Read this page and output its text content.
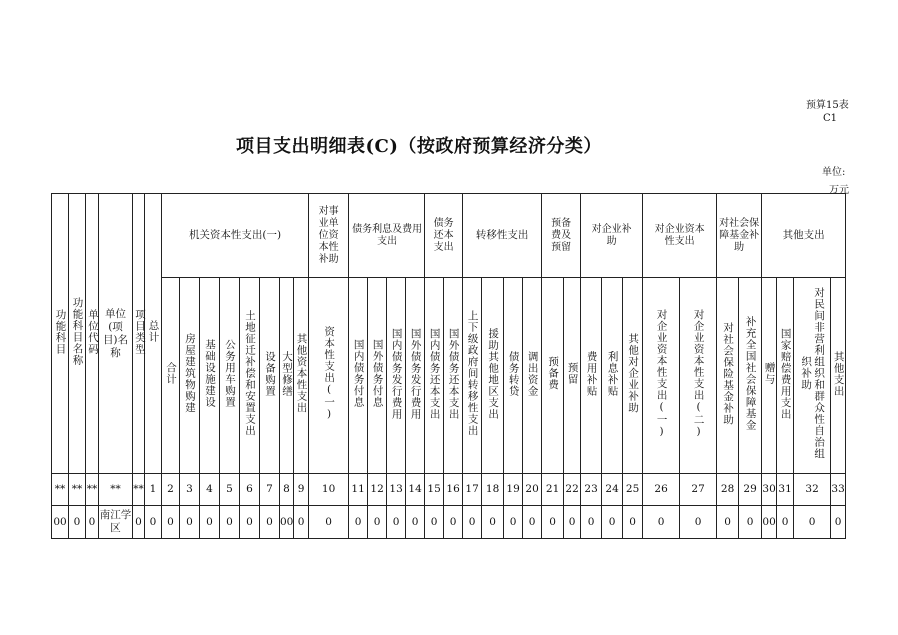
预算15表
C1
项目支出明细表(C)（按政府预算经济分类）
单位:
万元
功能科目	功能科目名称	单位代码	单位(项目)名称	项目类型	总计	机关资本性支出(一)								对事业单位资本性补助	债务利息及费用支出				债务还本支出		转移性支出				预备费及预留		对企业补助			对企业资本性支出		对社会保障基金补助		其他支出			
						合计	房屋建筑物购建	基础设施建设	公务用车购置	土地征迁补偿和安置支出	设备购置	大型修缮	其他资本性支出	资本性支出(一)	国内债务付息	国外债务付息	国内债务发行费用	国外债务发行费用	国内债务还本支出	国外债务还本支出	上下级政府间转移性支出	援助其他地区支出	债务转贷	调出资金	预备费	预留	费用补贴	利息补贴	其他对企业补助	对企业资本性支出(一)	对企业资本性支出(二)	对社会保险基金补助	补充全国社会保障基金	赠与	国家赔偿费用支出	对民间非营利组织和群众性自治组织补助	其他支出
**	**	**	**	**	1	2	3	4	5	6	7	8	9	10	11	12	13	14	15	16	17	18	19	20	21	22	23	24	25	26	27	28	29	30	31	32	33
00	0	0	南江学区	0	0	0	0	0	0	0	0	00	0	0	0	0	0	0	0	0	0	0	0	0	0	0	0	0	0	0	0	0	0	00	0	0	0
